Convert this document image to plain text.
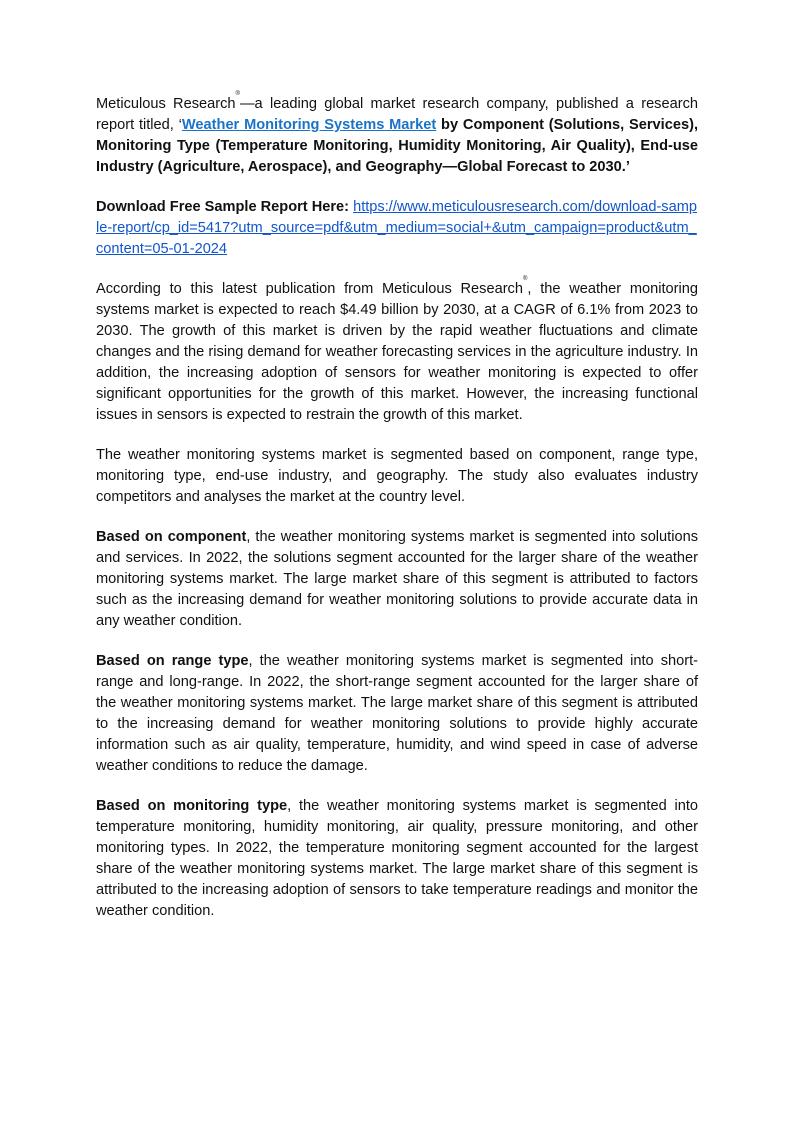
Meticulous Research®—a leading global market research company, published a research report titled, ‘Weather Monitoring Systems Market by Component (Solutions, Services), Monitoring Type (Temperature Monitoring, Humidity Monitoring, Air Quality), End-use Industry (Agriculture, Aerospace), and Geography—Global Forecast to 2030.’

Download Free Sample Report Here: https://www.meticulousresearch.com/download-sample-report/cp_id=5417?utm_source=pdf&utm_medium=social+&utm_campaign=product&utm_content=05-01-2024

According to this latest publication from Meticulous Research®, the weather monitoring systems market is expected to reach $4.49 billion by 2030, at a CAGR of 6.1% from 2023 to 2030. The growth of this market is driven by the rapid weather fluctuations and climate changes and the rising demand for weather forecasting services in the agriculture industry. In addition, the increasing adoption of sensors for weather monitoring is expected to offer significant opportunities for the growth of this market. However, the increasing functional issues in sensors is expected to restrain the growth of this market.

The weather monitoring systems market is segmented based on component, range type, monitoring type, end-use industry, and geography. The study also evaluates industry competitors and analyses the market at the country level.

Based on component, the weather monitoring systems market is segmented into solutions and services. In 2022, the solutions segment accounted for the larger share of the weather monitoring systems market. The large market share of this segment is attributed to factors such as the increasing demand for weather monitoring solutions to provide accurate data in any weather condition.

Based on range type, the weather monitoring systems market is segmented into short-range and long-range. In 2022, the short-range segment accounted for the larger share of the weather monitoring systems market. The large market share of this segment is attributed to the increasing demand for weather monitoring solutions to provide highly accurate information such as air quality, temperature, humidity, and wind speed in case of adverse weather conditions to reduce the damage.

Based on monitoring type, the weather monitoring systems market is segmented into temperature monitoring, humidity monitoring, air quality, pressure monitoring, and other monitoring types. In 2022, the temperature monitoring segment accounted for the largest share of the weather monitoring systems market. The large market share of this segment is attributed to the increasing adoption of sensors to take temperature readings and monitor the weather condition.
